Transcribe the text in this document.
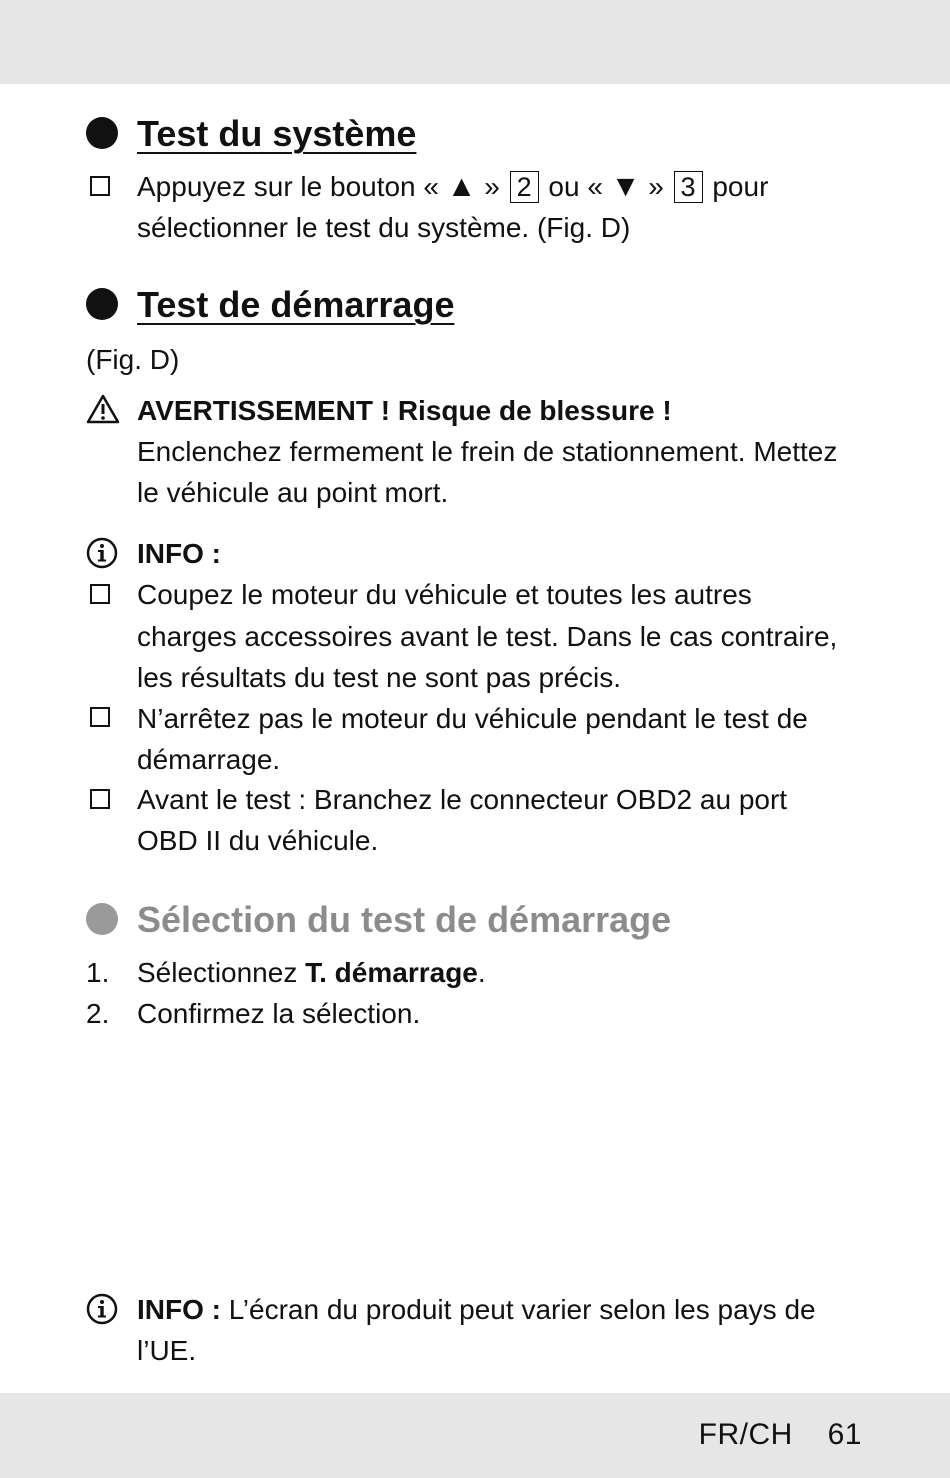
Test du système
Appuyez sur le bouton « ▲ » 2 ou « ▼ » 3 pour
sélectionner le test du système. (Fig. D)
Test de démarrage
(Fig. D)
AVERTISSEMENT ! Risque de blessure !
Enclenchez fermement le frein de stationnement. Mettez
le véhicule au point mort.
INFO :
Coupez le moteur du véhicule et toutes les autres
charges accessoires avant le test. Dans le cas contraire,
les résultats du test ne sont pas précis.
N’arrêtez pas le moteur du véhicule pendant le test de
démarrage.
Avant le test : Branchez le connecteur OBD2 au port
OBD II du véhicule.
Sélection du test de démarrage
1. Sélectionnez T. démarrage.
2. Confirmez la sélection.
INFO : L’écran du produit peut varier selon les pays de
l’UE.
FR/CH 61
